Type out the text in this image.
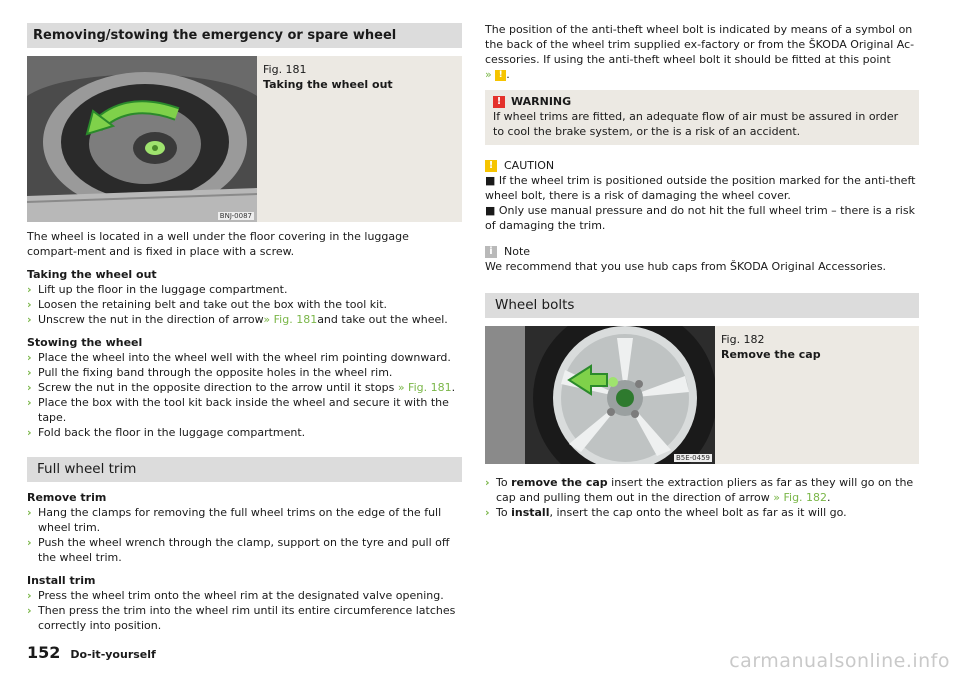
Removing/stowing the emergency or spare wheel
BNJ-0087
Fig. 181
Taking the wheel out

The wheel is located in a well under the floor covering in the luggage compart-ment and is fixed in place with a screw.

Taking the wheel out

› Lift up the floor in the luggage compartment.
› Loosen the retaining belt and take out the box with the tool kit.
› Unscrew the nut in the direction of arrow» Fig. 181and take out the wheel.

Stowing the wheel

› Place the wheel into the wheel well with the wheel rim pointing downward.
› Pull the fixing band through the opposite holes in the wheel rim.
› Screw the nut in the opposite direction to the arrow until it stops » Fig. 181.
› Place the box with the tool kit back inside the wheel and secure it with the tape.
› Fold back the floor in the luggage compartment.
Full wheel trim

Remove trim

› Hang the clamps for removing the full wheel trims on the edge of the full wheel trim.
› Push the wheel wrench through the clamp, support on the tyre and pull off the wheel trim.

Install trim

› Press the wheel trim onto the wheel rim at the designated valve opening.
› Then press the trim into the wheel rim until its entire circumference latches correctly into position.

The position of the anti-theft wheel bolt is indicated by means of a symbol on the back of the wheel trim supplied ex-factory or from the ŠKODA Original Ac-cessories. If using the anti-theft wheel bolt it should be fitted at this point
» ! .

! WARNING

If wheel trims are fitted, an adequate flow of air must be assured in order to cool the brake system, or the is a risk of an accident.

! CAUTION

■ If the wheel trim is positioned outside the position marked for the anti-theft wheel bolt, there is a risk of damaging the wheel cover.

■ Only use manual pressure and do not hit the full wheel trim – there is a risk of damaging the trim.

i	Note

We recommend that you use hub caps from ŠKODA Original Accessories.

Wheel bolts
B5E-0459
Fig. 182
Remove the cap
› To remove the cap insert the extraction pliers as far as they will go on the cap and pulling them out in the direction of arrow » Fig. 182.
› To install, insert the cap onto the wheel bolt as far as it will go.
152 Do-it-yourself	carmanualsonline.info
